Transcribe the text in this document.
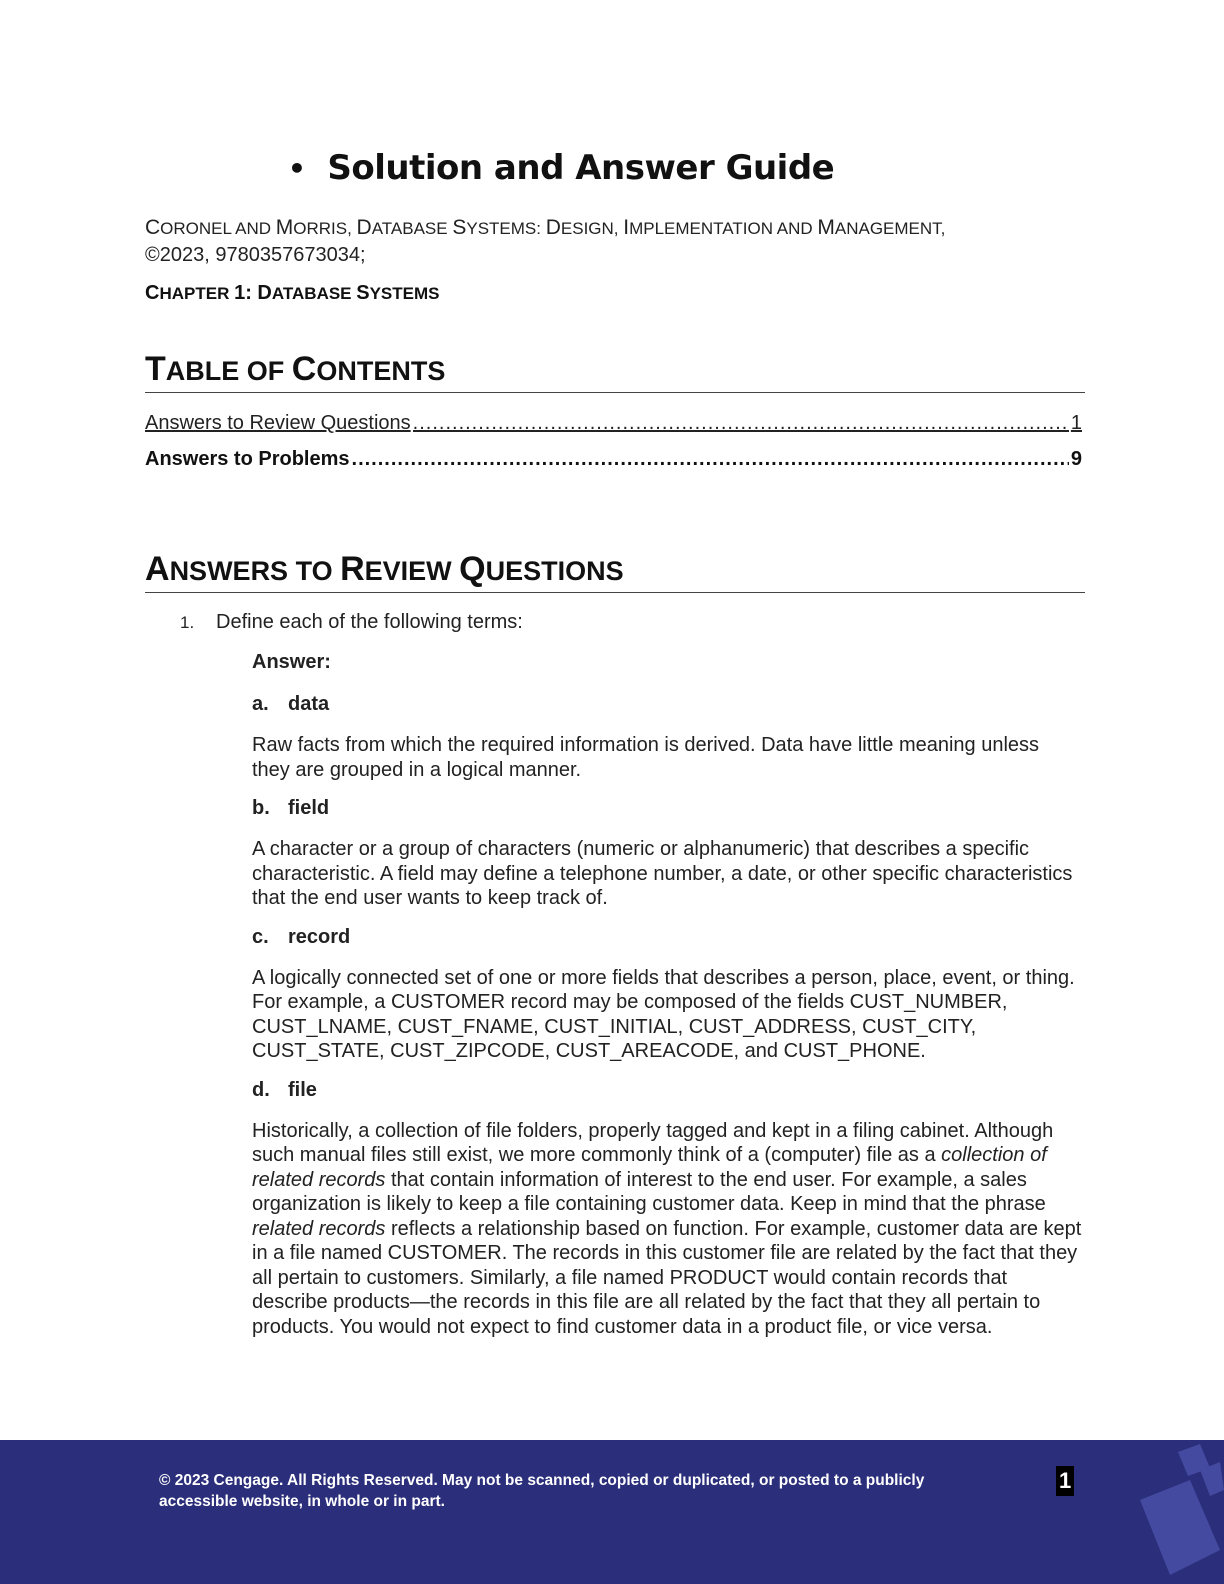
• Solution and Answer Guide
CORONEL AND MORRIS, DATABASE SYSTEMS: DESIGN, IMPLEMENTATION AND MANAGEMENT,
©2023, 9780357673034;
CHAPTER 1: DATABASE SYSTEMS
TABLE OF CONTENTS
Answers to Review Questions .....	1
Answers to Problems .....	9
ANSWERS TO REVIEW QUESTIONS
1.	Define each of the following terms:

Answer:

a. data

Raw facts from which the required information is derived. Data have little meaning unless they are grouped in a logical manner.

b. field

A character or a group of characters (numeric or alphanumeric) that describes a specific characteristic. A field may define a telephone number, a date, or other specific characteristics that the end user wants to keep track of.

c. record

A logically connected set of one or more fields that describes a person, place, event, or thing. For example, a CUSTOMER record may be composed of the fields CUST_NUMBER, CUST_LNAME, CUST_FNAME, CUST_INITIAL, CUST_ADDRESS, CUST_CITY, CUST_STATE, CUST_ZIPCODE, CUST_AREACODE, and CUST_PHONE.

d. file

Historically, a collection of file folders, properly tagged and kept in a filing cabinet. Although such manual files still exist, we more commonly think of a (computer) file as a collection of related records that contain information of interest to the end user. For example, a sales organization is likely to keep a file containing customer data. Keep in mind that the phrase related records reflects a relationship based on function. For example, customer data are kept in a file named CUSTOMER. The records in this customer file are related by the fact that they all pertain to customers. Similarly, a file named PRODUCT would contain records that describe products—the records in this file are all related by the fact that they all pertain to products. You would not expect to find customer data in a product file, or vice versa.

© 2023 Cengage. All Rights Reserved. May not be scanned, copied or duplicated, or posted to a publicly accessible website, in whole or in part.
1
